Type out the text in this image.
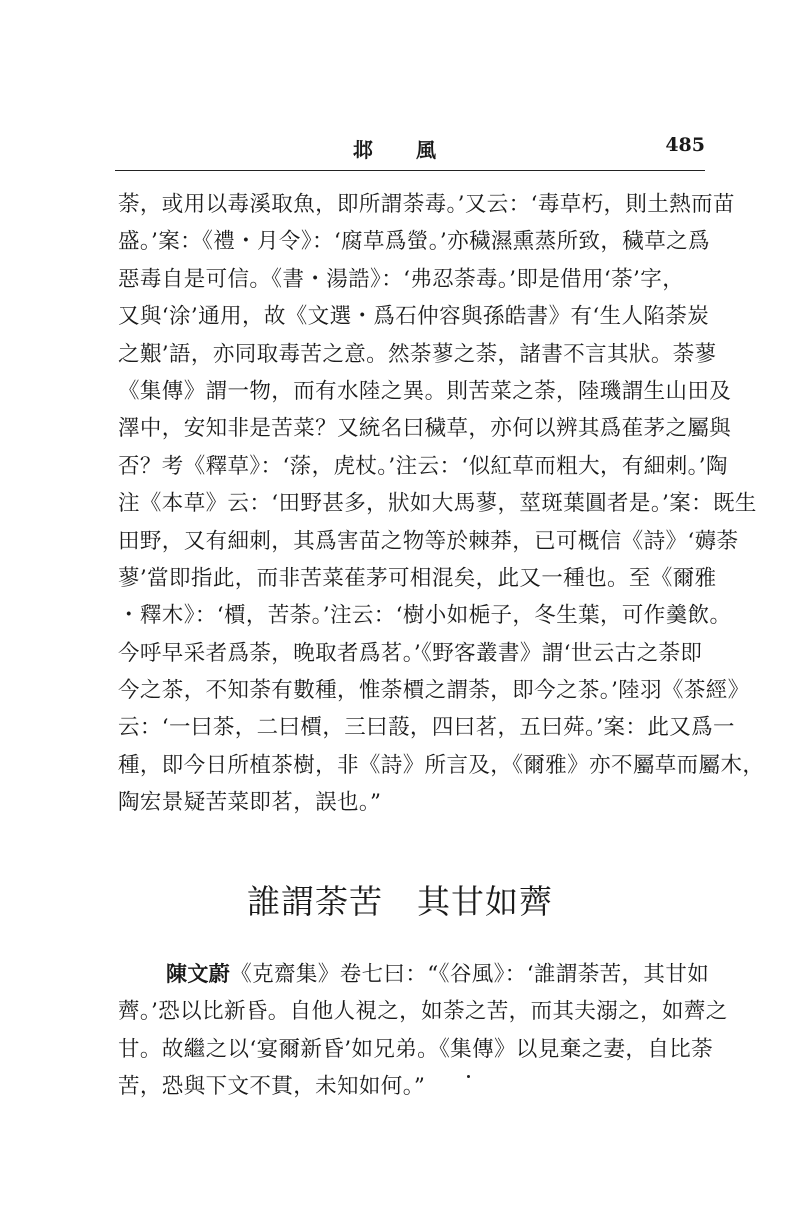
邶 風	485
荼，或用以毒溪取魚，即所謂荼毒。’又云：‘毒草朽，則土熱而苗
盛。’案：《禮・月令》：‘腐草爲螢。’亦穢濕熏蒸所致，穢草之爲
惡毒自是可信。《書・湯誥》：‘弗忍荼毒。’即是借用‘荼’字，
又與‘涂’通用，故《文選・爲石仲容與孫皓書》有‘生人陷荼炭
之艱’語，亦同取毒苦之意。然荼蓼之荼，諸書不言其狀。荼蓼
《集傳》謂一物，而有水陸之異。則苦菜之荼，陸璣謂生山田及
澤中，安知非是苦菜？又統名曰穢草，亦何以辨其爲萑茅之屬與
否？考《釋草》：‘蒤，虎杖。’注云：‘似紅草而粗大，有細刺。’陶
注《本草》云：‘田野甚多，狀如大馬蓼，莖斑葉圓者是。’案：既生
田野，又有細刺，其爲害苗之物等於棘莽，已可概信《詩》‘薅荼
蓼’當即指此，而非苦菜萑茅可相混矣，此又一種也。至《爾雅
・釋木》：‘檟，苦荼。’注云：‘樹小如梔子，冬生葉，可作羹飲。
今呼早采者爲荼，晚取者爲茗。’《野客叢書》謂‘世云古之荼即
今之茶，不知荼有數種，惟荼檟之謂荼，即今之茶。’陸羽《茶經》
云：‘一曰茶，二曰檟，三曰蔎，四曰茗，五曰荈。’案：此又爲一
種，即今日所植茶樹，非《詩》所言及，《爾雅》亦不屬草而屬木，
陶宏景疑苦菜即茗，誤也。”
誰謂荼苦　其甘如薺
陳文蔚《克齋集》卷七曰：“《谷風》：‘誰謂荼苦，其甘如
薺。’恐以比新昏。自他人視之，如荼之苦，而其夫溺之，如薺之
甘。故繼之以‘宴爾新昏’如兄弟。《集傳》以見棄之妻，自比荼
苦，恐與下文不貫，未知如何。”
